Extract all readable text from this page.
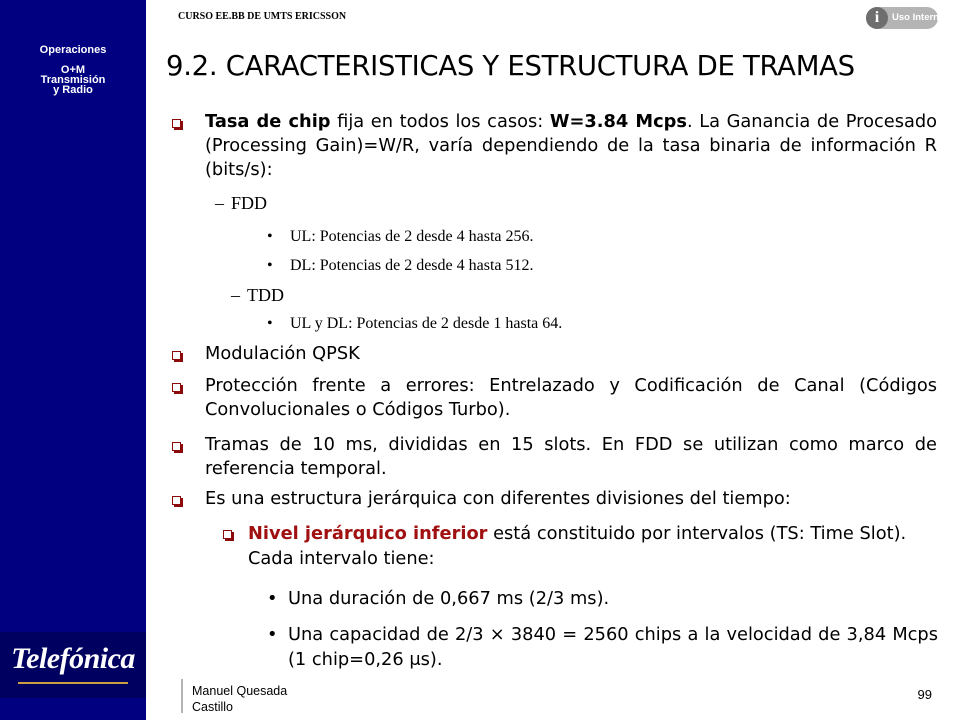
Operaciones
O+M
Transmisión
y Radio
Telefónica
CURSO EE.BB DE UMTS ERICSSON	i	Uso Interno
9.2. CARACTERISTICAS Y ESTRUCTURA DE TRAMAS
Tasa de chip fija en todos los casos: W=3.84 Mcps. La Ganancia de Procesado (Processing Gain)=W/R, varía dependiendo de la tasa binaria de información R (bits/s):
– FDD
• UL: Potencias de 2 desde 4 hasta 256.
• DL: Potencias de 2 desde 4 hasta 512.
– TDD
• UL y DL: Potencias de 2 desde 1 hasta 64.
Modulación QPSK
Protección frente a errores: Entrelazado y Codificación de Canal (Códigos Convolucionales o Códigos Turbo).
Tramas de 10 ms, divididas en 15 slots. En FDD se utilizan como marco de referencia temporal.
Es una estructura jerárquica con diferentes divisiones del tiempo:
Nivel jerárquico inferior está constituido por intervalos (TS: Time Slot). Cada intervalo tiene:
• Una duración de 0,667 ms (2/3 ms).
• Una capacidad de 2/3 × 3840 = 2560 chips a la velocidad de 3,84 Mcps (1 chip=0,26 μs).
Manuel Quesada
Castillo
99
